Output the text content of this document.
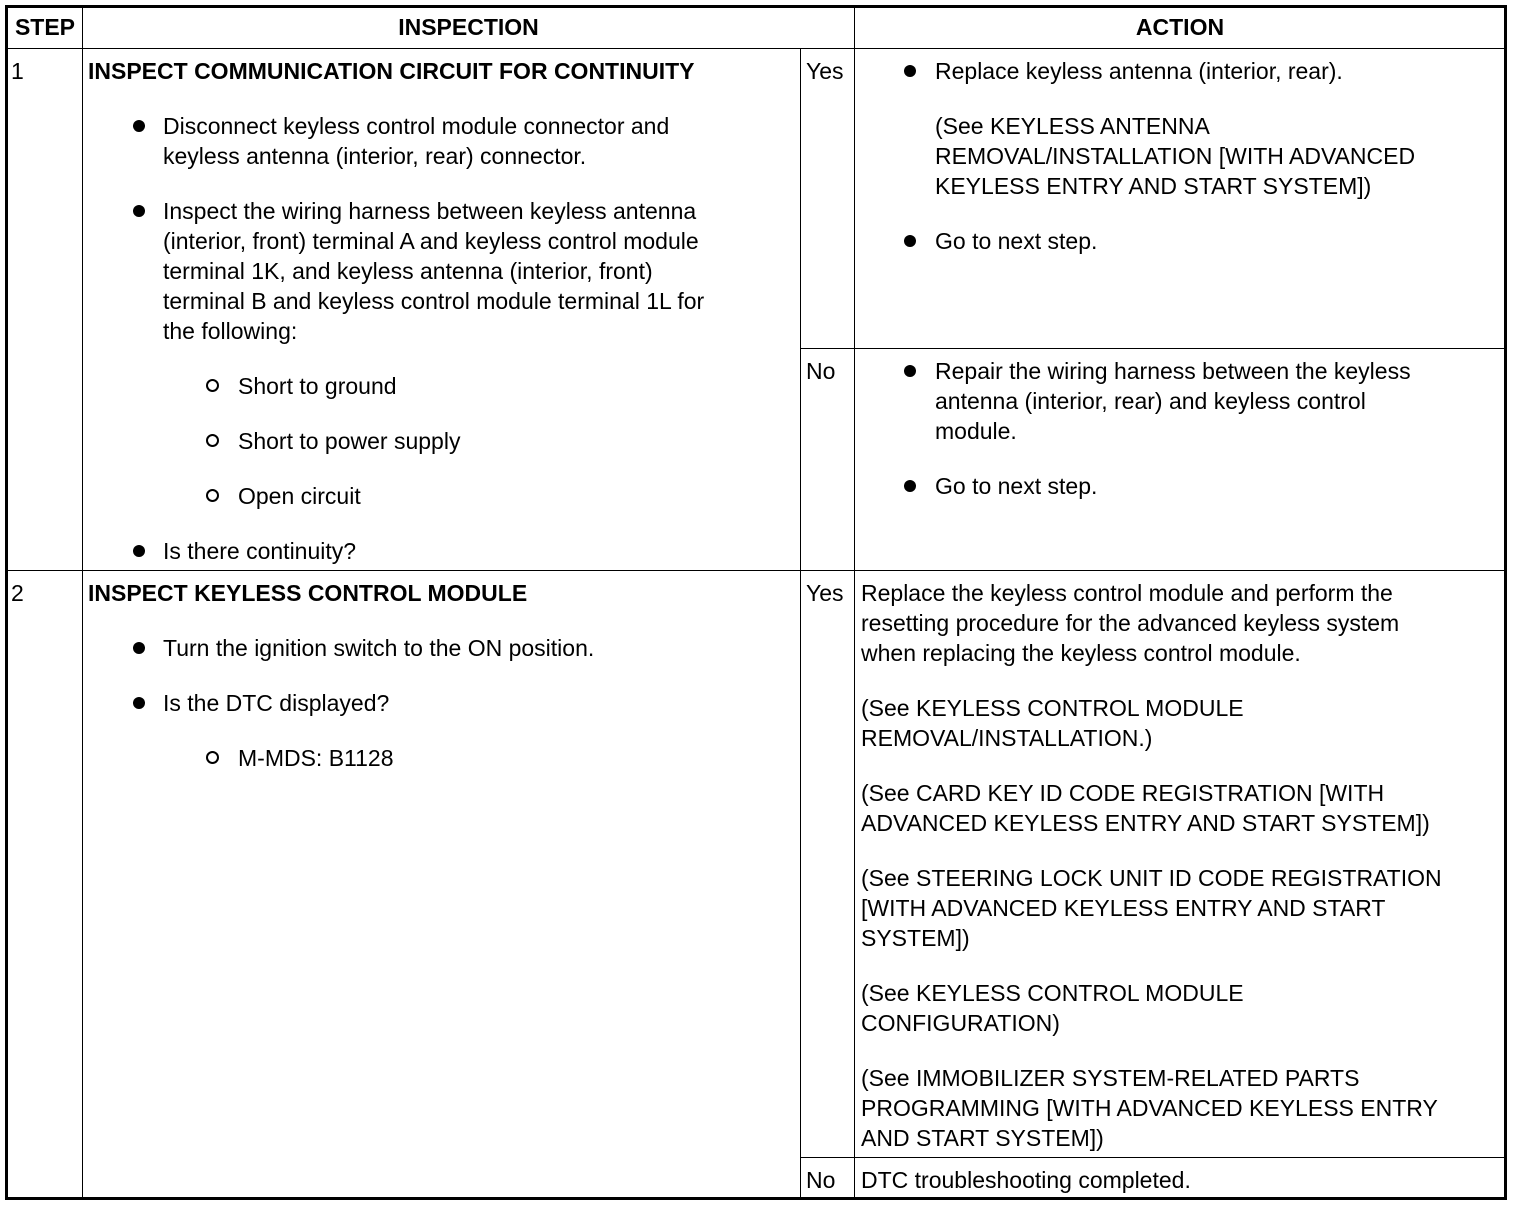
STEP	INSPECTION	ACTION
1	INSPECT COMMUNICATION CIRCUIT FOR CONTINUITY
Disconnect keyless control module connector and
keyless antenna (interior, rear) connector.
Inspect the wiring harness between keyless antenna
(interior, front) terminal A and keyless control module
terminal 1K, and keyless antenna (interior, front)
terminal B and keyless control module terminal 1L for
the following:
Short to ground
Short to power supply
Open circuit
Is there continuity?
Yes	Replace keyless antenna (interior, rear).
(See KEYLESS ANTENNA
REMOVAL/INSTALLATION [WITH ADVANCED
KEYLESS ENTRY AND START SYSTEM])
Go to next step.
No	Repair the wiring harness between the keyless
antenna (interior, rear) and keyless control
module.
Go to next step.
2	INSPECT KEYLESS CONTROL MODULE
Turn the ignition switch to the ON position.
Is the DTC displayed?
M-MDS: B1128
Yes Replace the keyless control module and perform the
resetting procedure for the advanced keyless system
when replacing the keyless control module.
(See KEYLESS CONTROL MODULE
REMOVAL/INSTALLATION.)
(See CARD KEY ID CODE REGISTRATION [WITH
ADVANCED KEYLESS ENTRY AND START SYSTEM])
(See STEERING LOCK UNIT ID CODE REGISTRATION
[WITH ADVANCED KEYLESS ENTRY AND START
SYSTEM])
(See KEYLESS CONTROL MODULE
CONFIGURATION)
(See IMMOBILIZER SYSTEM-RELATED PARTS
PROGRAMMING [WITH ADVANCED KEYLESS ENTRY
AND START SYSTEM])
No DTC troubleshooting completed.
